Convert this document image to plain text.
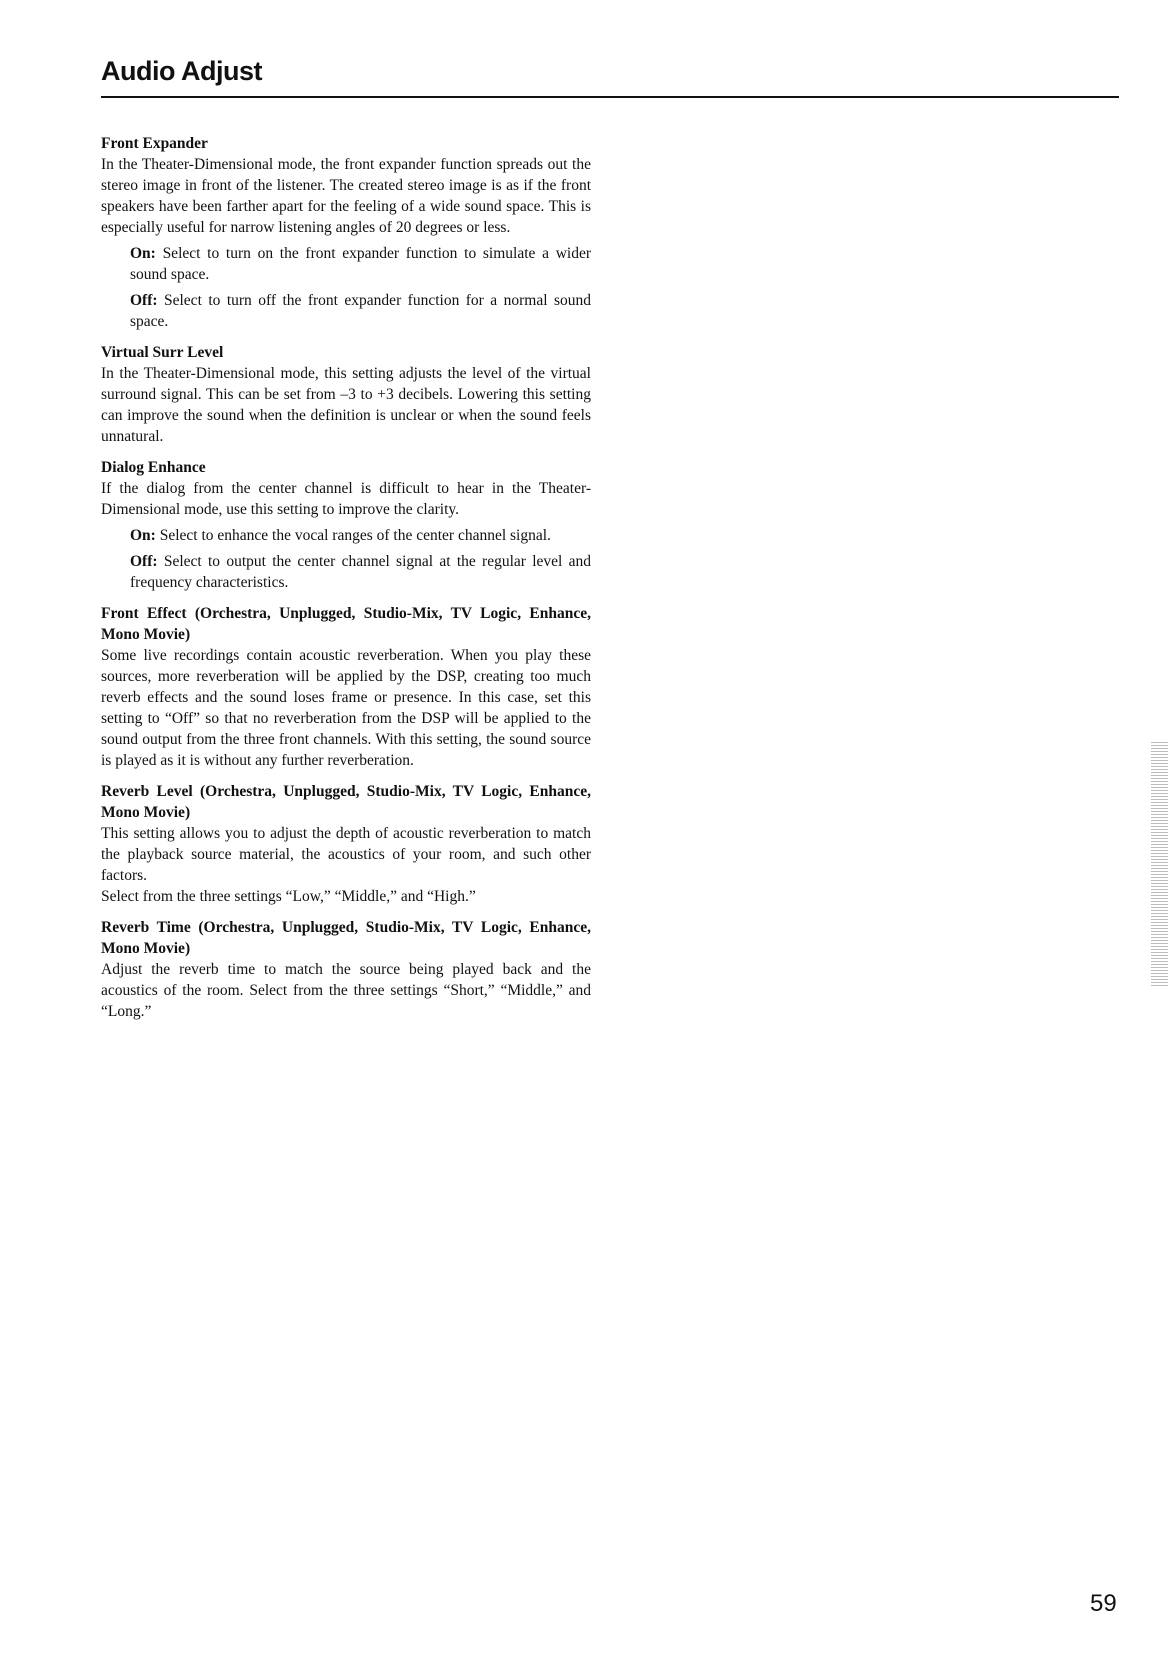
Audio Adjust
Front Expander
In the Theater-Dimensional mode, the front expander function spreads out the stereo image in front of the listener. The created stereo image is as if the front speakers have been farther apart for the feeling of a wide sound space. This is especially useful for narrow listening angles of 20 degrees or less.
On: Select to turn on the front expander function to simulate a wider sound space.
Off: Select to turn off the front expander function for a normal sound space.
Virtual Surr Level
In the Theater-Dimensional mode, this setting adjusts the level of the virtual surround signal. This can be set from –3 to +3 decibels. Lowering this setting can improve the sound when the definition is unclear or when the sound feels unnatural.
Dialog Enhance
If the dialog from the center channel is difficult to hear in the Theater-Dimensional mode, use this setting to improve the clarity.
On: Select to enhance the vocal ranges of the center channel signal.
Off: Select to output the center channel signal at the regular level and frequency characteristics.
Front Effect (Orchestra, Unplugged, Studio-Mix, TV Logic, Enhance, Mono Movie)
Some live recordings contain acoustic reverberation. When you play these sources, more reverberation will be applied by the DSP, creating too much reverb effects and the sound loses frame or presence. In this case, set this setting to “Off” so that no reverberation from the DSP will be applied to the sound output from the three front channels. With this setting, the sound source is played as it is without any further reverberation.
Reverb Level (Orchestra, Unplugged, Studio-Mix, TV Logic, Enhance, Mono Movie)
This setting allows you to adjust the depth of acoustic reverberation to match the playback source material, the acoustics of your room, and such other factors.
Select from the three settings “Low,” “Middle,” and “High.”
Reverb Time (Orchestra, Unplugged, Studio-Mix, TV Logic, Enhance, Mono Movie)
Adjust the reverb time to match the source being played back and the acoustics of the room. Select from the three settings “Short,” “Middle,” and “Long.”
59
